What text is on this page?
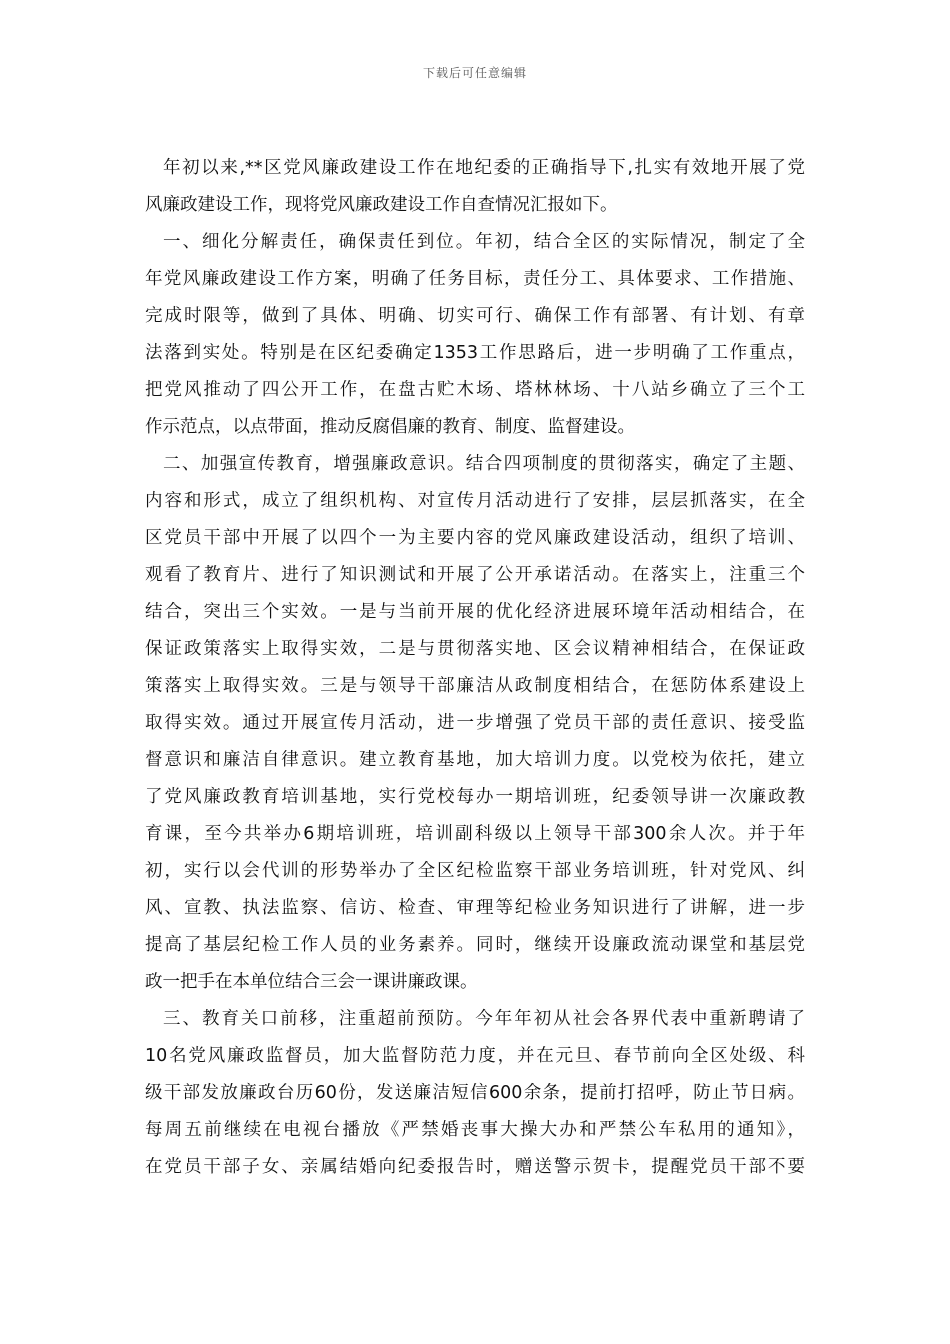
下载后可任意编辑
年初以来,**区党风廉政建设工作在地纪委的正确指导下,扎实有效地开展了党
风廉政建设工作，现将党风廉政建设工作自查情况汇报如下。
一、细化分解责任，确保责任到位。年初，结合全区的实际情况，制定了全
年党风廉政建设工作方案，明确了任务目标，责任分工、具体要求、工作措施、
完成时限等，做到了具体、明确、切实可行、确保工作有部署、有计划、有章
法落到实处。特别是在区纪委确定1353工作思路后，进一步明确了工作重点，
把党风推动了四公开工作，在盘古贮木场、塔林林场、十八站乡确立了三个工
作示范点，以点带面，推动反腐倡廉的教育、制度、监督建设。
二、加强宣传教育，增强廉政意识。结合四项制度的贯彻落实，确定了主题、
内容和形式，成立了组织机构、对宣传月活动进行了安排，层层抓落实，在全
区党员干部中开展了以四个一为主要内容的党风廉政建设活动，组织了培训、
观看了教育片、进行了知识测试和开展了公开承诺活动。在落实上，注重三个
结合，突出三个实效。一是与当前开展的优化经济进展环境年活动相结合，在
保证政策落实上取得实效，二是与贯彻落实地、区会议精神相结合，在保证政
策落实上取得实效。三是与领导干部廉洁从政制度相结合，在惩防体系建设上
取得实效。通过开展宣传月活动，进一步增强了党员干部的责任意识、接受监
督意识和廉洁自律意识。建立教育基地，加大培训力度。以党校为依托，建立
了党风廉政教育培训基地，实行党校每办一期培训班，纪委领导讲一次廉政教
育课，至今共举办6期培训班，培训副科级以上领导干部300余人次。并于年
初，实行以会代训的形势举办了全区纪检监察干部业务培训班，针对党风、纠
风、宣教、执法监察、信访、检查、审理等纪检业务知识进行了讲解，进一步
提高了基层纪检工作人员的业务素养。同时，继续开设廉政流动课堂和基层党
政一把手在本单位结合三会一课讲廉政课。
三、教育关口前移，注重超前预防。今年年初从社会各界代表中重新聘请了
10名党风廉政监督员，加大监督防范力度，并在元旦、春节前向全区处级、科
级干部发放廉政台历60份，发送廉洁短信600余条，提前打招呼，防止节日病。
每周五前继续在电视台播放《严禁婚丧事大操大办和严禁公车私用的通知》，
在党员干部子女、亲属结婚向纪委报告时，赠送警示贺卡，提醒党员干部不要
